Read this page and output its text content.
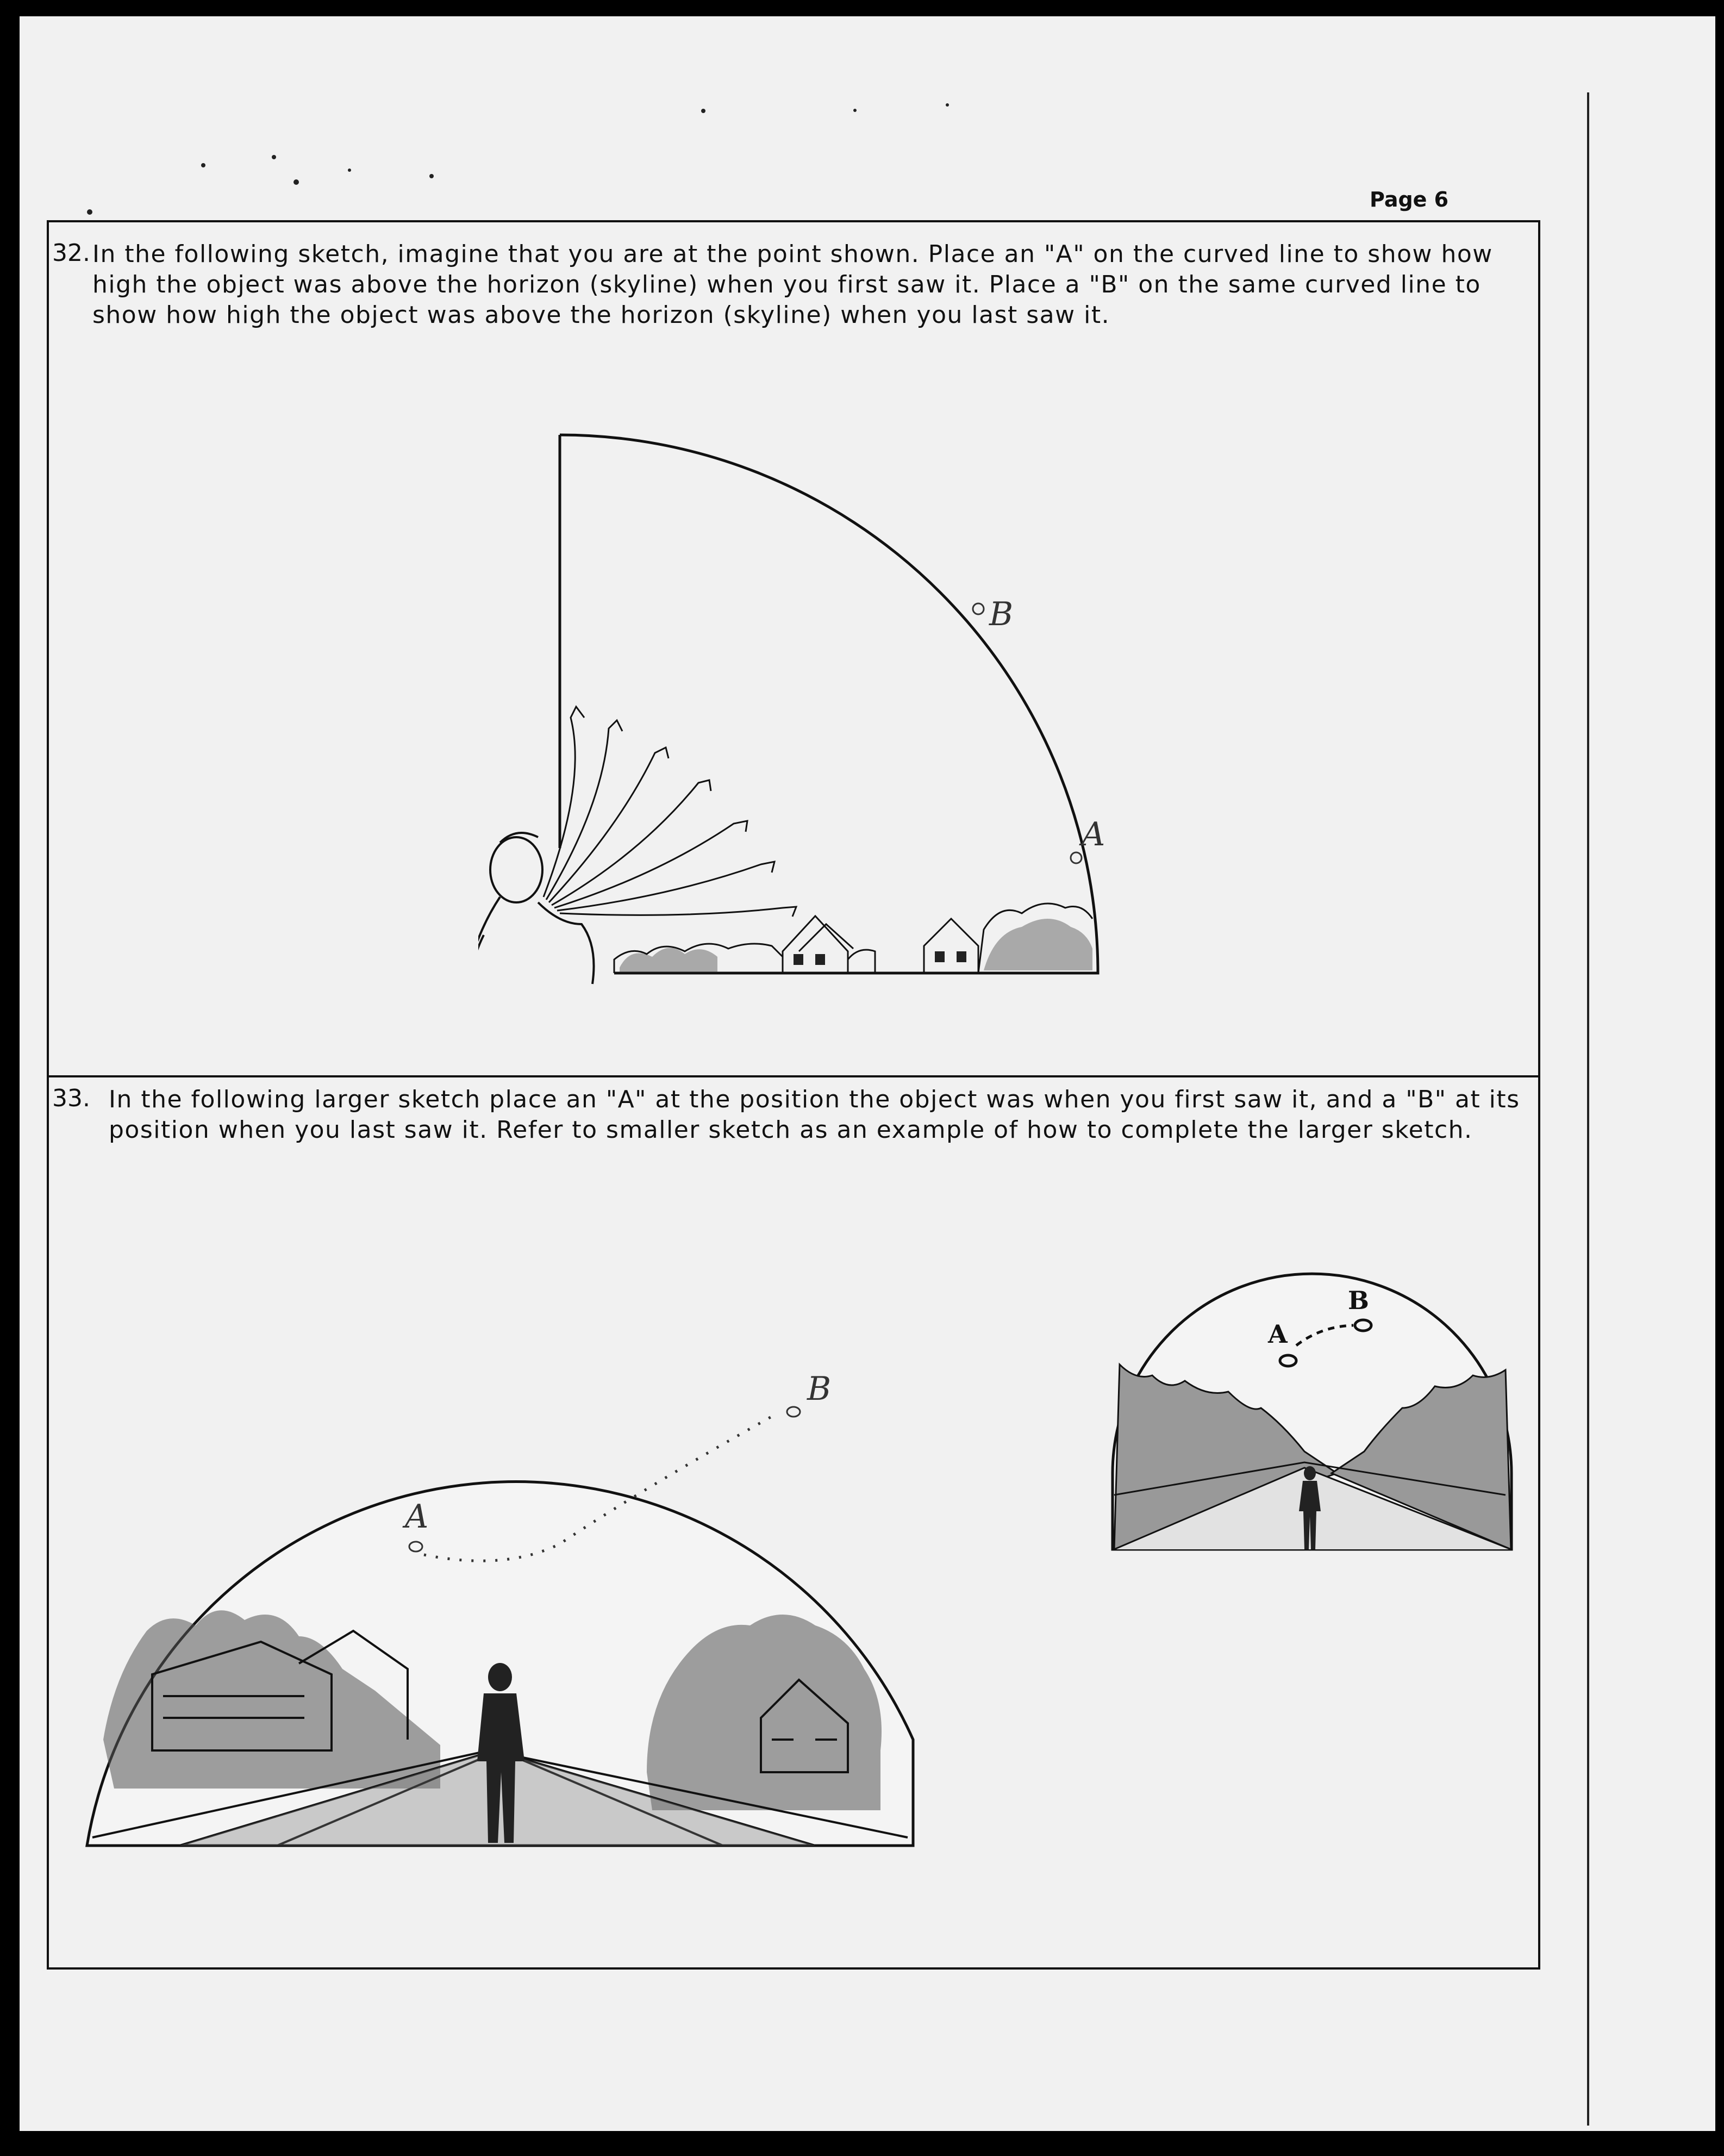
Page 6
32. In the following sketch, imagine that you are at the point shown. Place an "A" on the curved line to show how
high the object was above the horizon (skyline) when you first saw it. Place a "B" on the same curved line to
show how high the object was above the horizon (skyline) when you last saw it.
B
A
33. In the following larger sketch place an "A" at the position the object was when you first saw it, and a "B" at its
position when you last saw it. Refer to smaller sketch as an example of how to complete the larger sketch.
A
B
A
B
